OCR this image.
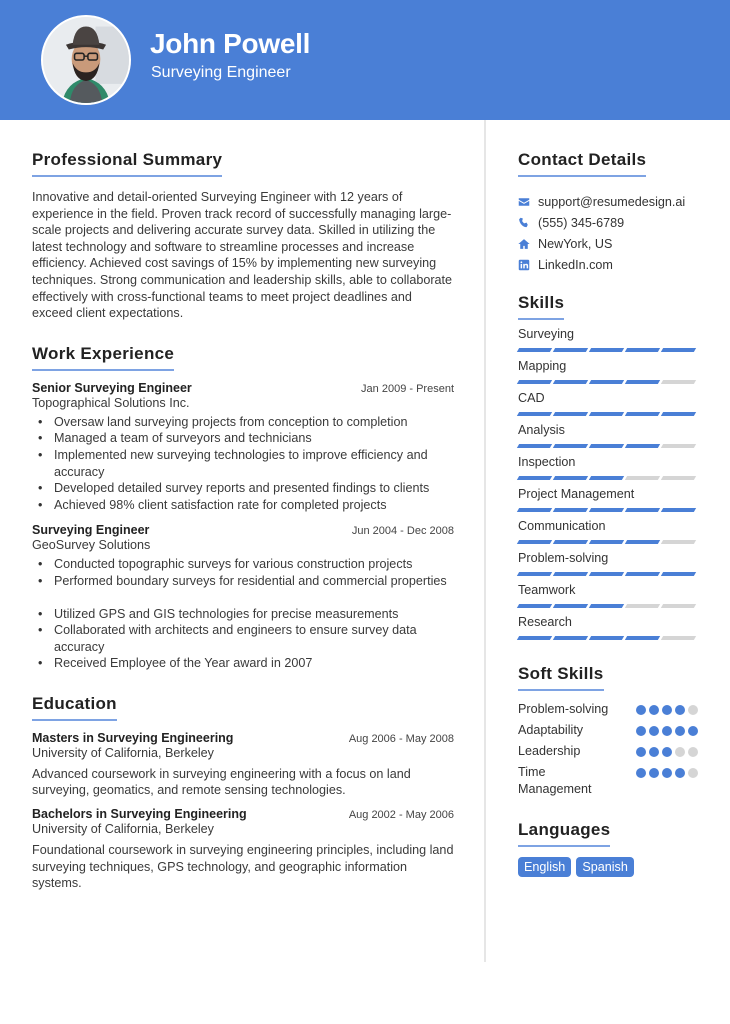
John Powell
Surveying Engineer
Professional Summary

Innovative and detail-oriented Surveying Engineer with 12 years of experience in the field. Proven track record of successfully managing large-scale projects and delivering accurate survey data. Skilled in utilizing the latest technology and software to streamline processes and increase efficiency. Achieved cost savings of 15% by implementing new surveying techniques. Strong communication and leadership skills, able to collaborate effectively with cross-functional teams to meet project deadlines and exceed client expectations.

Work Experience
Senior Surveying Engineer	Jan 2009 - Present
Topographical Solutions Inc.
• Oversaw land surveying projects from conception to completion
• Managed a team of surveyors and technicians
• Implemented new surveying technologies to improve efficiency and accuracy
• Developed detailed survey reports and presented findings to clients
• Achieved 98% client satisfaction rate for completed projects
Surveying Engineer	Jun 2004 - Dec 2008
GeoSurvey Solutions
• Conducted topographic surveys for various construction projects
• Performed boundary surveys for residential and commercial properties
• Utilized GPS and GIS technologies for precise measurements
• Collaborated with architects and engineers to ensure survey data accuracy
• Received Employee of the Year award in 2007
Education
Masters in Surveying Engineering	Aug 2006 - May 2008
University of California, Berkeley

Advanced coursework in surveying engineering with a focus on land surveying, geomatics, and remote sensing technologies.

Bachelors in Surveying Engineering	Aug 2002 - May 2006
University of California, Berkeley

Foundational coursework in surveying engineering principles, including land surveying techniques, GPS technology, and geographic information systems.

Contact Details
support@resumedesign.ai
(555) 345-6789
NewYork, US
LinkedIn.com
Skills
Surveying
Mapping
CAD
Analysis
Inspection
Project Management
Communication
Problem-solving
Teamwork
Research
Soft Skills
Problem-solving
Adaptability
Leadership
Time Management
Languages
English	Spanish
